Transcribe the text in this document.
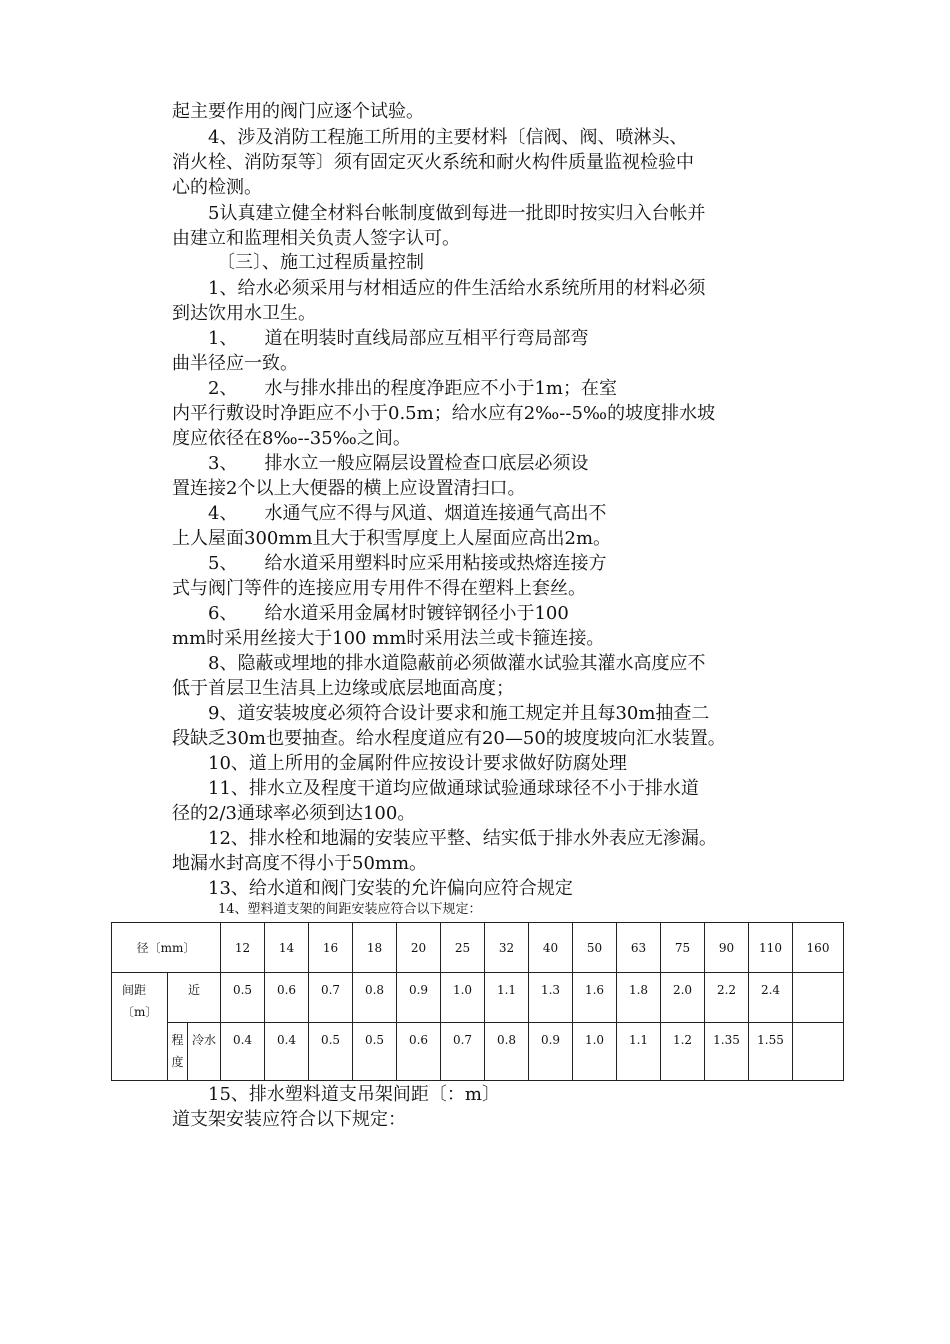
起主要作用的阀门应逐个试验。
　　4、涉及消防工程施工所用的主要材料〔信阀、阀、喷淋头、
消火栓、消防泵等〕须有固定灭火系统和耐火构件质量监视检验中
心的检测。
　　5认真建立健全材料台帐制度做到每进一批即时按实归入台帐并
由建立和监理相关负责人签字认可。
　　　〔三〕、施工过程质量控制
　　1、给水必须采用与材相适应的件生活给水系统所用的材料必须
到达饮用水卫生。
　　1、　　道在明装时直线局部应互相平行弯局部弯
曲半径应一致。
　　2、　　水与排水排出的程度净距应不小于1m；在室
内平行敷设时净距应不小于0.5m；给水应有2‰--5‰的坡度排水坡
度应依径在8‰--35‰之间。
　　3、　　排水立一般应隔层设置检查口底层必须设
置连接2个以上大便器的横上应设置清扫口。
　　4、　　水通气应不得与风道、烟道连接通气高出不
上人屋面300mm且大于积雪厚度上人屋面应高出2m。
　　5、　　给水道采用塑料时应采用粘接或热熔连接方
式与阀门等件的连接应用专用件不得在塑料上套丝。
　　6、　　给水道采用金属材时镀锌钢径小于100
mm时采用丝接大于100 mm时采用法兰或卡箍连接。
　　8、隐蔽或埋地的排水道隐蔽前必须做灌水试验其灌水高度应不
低于首层卫生洁具上边缘或底层地面高度；
　　9、道安装坡度必须符合设计要求和施工规定并且每30m抽查二
段缺乏30m也要抽查。给水程度道应有20—50的坡度坡向汇水装置。
　　10、道上所用的金属附件应按设计要求做好防腐处理
　　11、排水立及程度干道均应做通球试验通球球径不小于排水道
径的2/3通球率必须到达100。
　　12、排水栓和地漏的安装应平整、结实低于排水外表应无渗漏。
地漏水封高度不得小于50mm。
　　13、给水道和阀门安装的允许偏向应符合规定
14、塑料道支架的间距安装应符合以下规定：
径〔mm〕			12	14	16	18	20	25	32	40	50	63	75	90	110	160
间距〔m〕	近		0.5	0.6	0.7	0.8	0.9	1.0	1.1	1.3	1.6	1.8	2.0	2.2	2.4	
	程度	冷水	0.4	0.4	0.5	0.5	0.6	0.7	0.8	0.9	1.0	1.1	1.2	1.35	1.55	
　　15、排水塑料道支吊架间距〔：m〕
道支架安装应符合以下规定：
